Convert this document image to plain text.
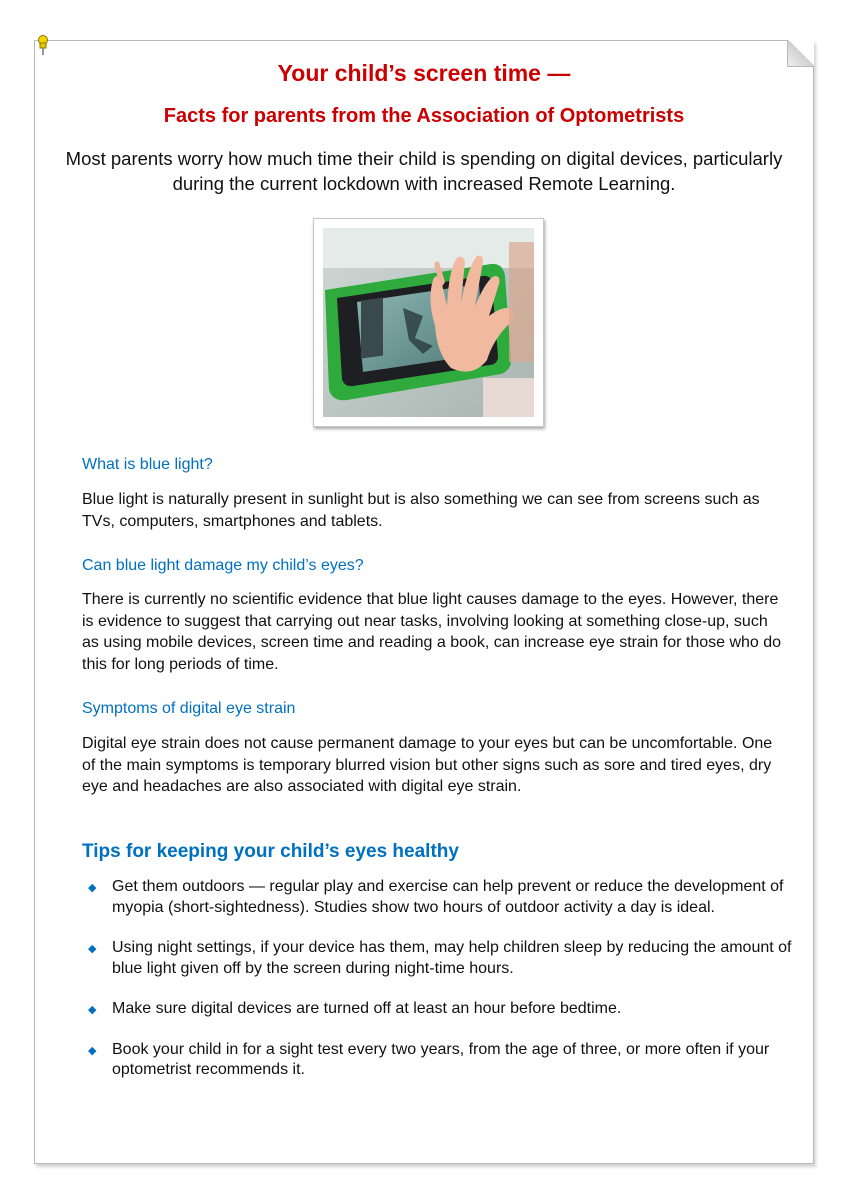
Your child’s screen time —
Facts for parents from the Association of Optometrists

Most parents worry how much time their child is spending on digital devices, particularly during the current lockdown with increased Remote Learning.

What is blue light?

Blue light is naturally present in sunlight but is also something we can see from screens such as TVs, computers, smartphones and tablets.

Can blue light damage my child’s eyes?

There is currently no scientific evidence that blue light causes damage to the eyes. However, there is evidence to suggest that carrying out near tasks, involving looking at something close-up, such as using mobile devices, screen time and reading a book, can increase eye strain for those who do this for long periods of time.

Symptoms of digital eye strain

Digital eye strain does not cause permanent damage to your eyes but can be uncomfortable. One of the main symptoms is temporary blurred vision but other signs such as sore and tired eyes, dry eye and headaches are also associated with digital eye strain.

Tips for keeping your child’s eyes healthy
◆ Get them outdoors — regular play and exercise can help prevent or reduce the development of myopia (short-sightedness). Studies show two hours of outdoor activity a day is ideal.
◆ Using night settings, if your device has them, may help children sleep by reducing the amount of blue light given off by the screen during night-time hours.
◆ Make sure digital devices are turned off at least an hour before bedtime.
◆ Book your child in for a sight test every two years, from the age of three, or more often if your optometrist recommends it.
